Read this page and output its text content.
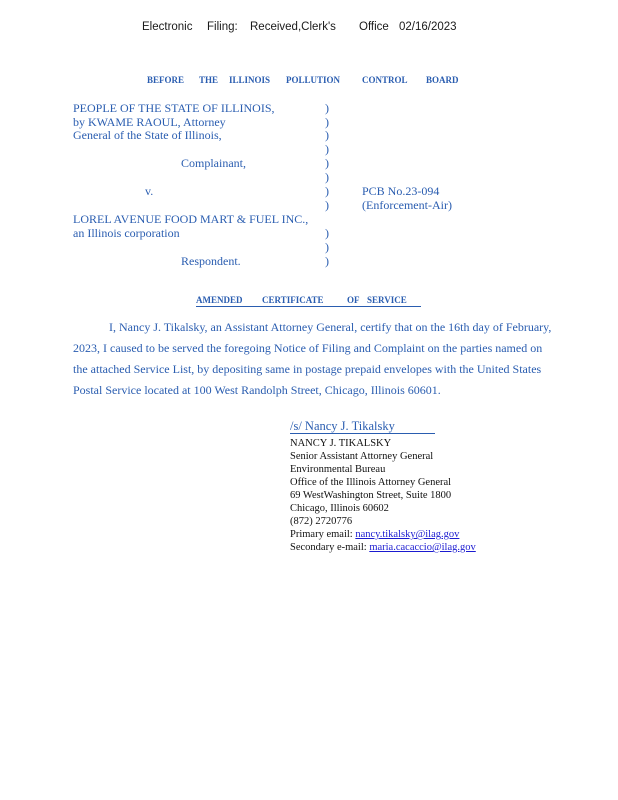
Electronic Filing: Received,Clerk's Office 02/16/2023
BEFORE THE ILLINOIS POLLUTION CONTROL BOARD
PEOPLE OF THE STATE OF ILLINOIS,
by KWAME RAOUL, Attorney
General of the State of Illinois,
Complainant,
v.	PCB No.23-094
(Enforcement-Air)
LOREL AVENUE FOOD MART & FUEL INC.,
an Illinois corporation
Respondent.
)
)
)
)
)
)
)
)
)
)
)
AMENDED CERTIFICATE	OF SERVICE
I, Nancy J. Tikalsky, an Assistant Attorney General, certify that on the 16th day of February,
2023, I caused to be served the foregoing Notice of Filing and Complaint on the parties named on
the attached Service List, by depositing same in postage prepaid envelopes with the United States
Postal Service located at 100 West Randolph Street, Chicago, Illinois 60601.
/s/ Nancy J. Tikalsky
NANCY J. TIKALSKY
Senior Assistant Attorney General
Environmental Bureau
Office of the Illinois Attorney General
69 WestWashington Street, Suite 1800
Chicago, Illinois 60602
(872) 2720776
Primary email: nancy.tikalsky@ilag.gov
Secondary e-mail: maria.cacaccio@ilag.gov
